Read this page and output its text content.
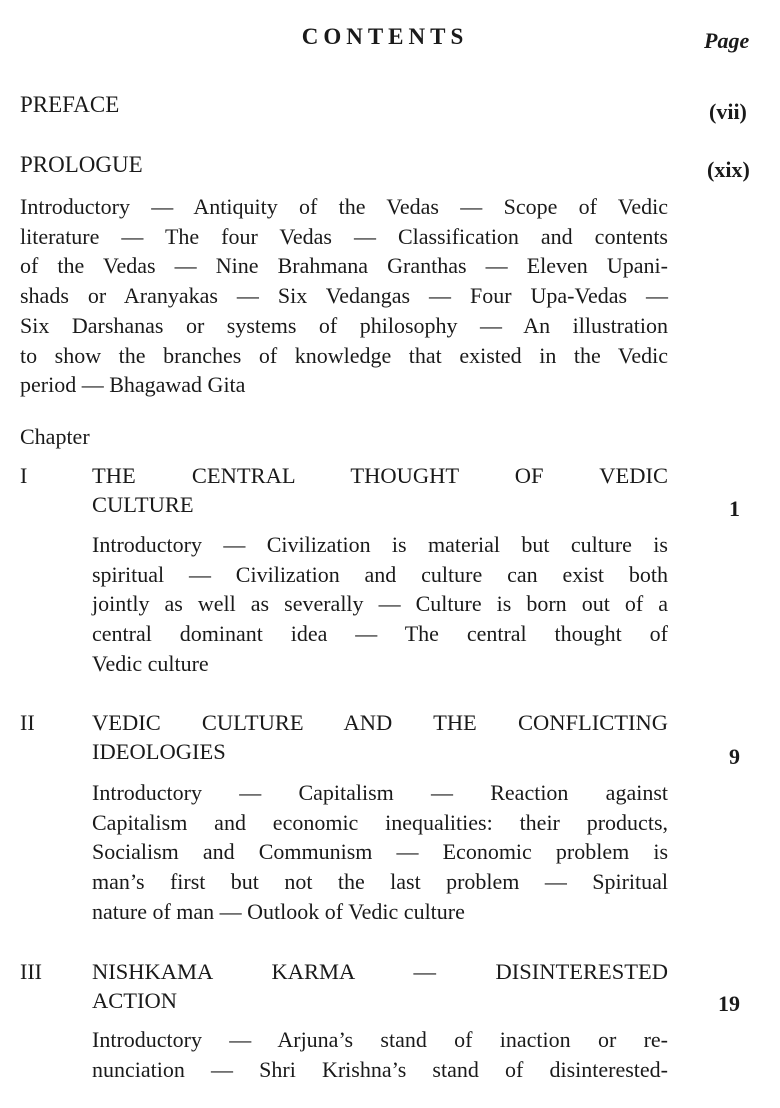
CONTENTS	Page
PREFACE	(vii)
PROLOGUE	(xix)
Introductory — Antiquity of the Vedas — Scope of Vedic
literature — The four Vedas — Classification and contents
of the Vedas — Nine Brahmana Granthas — Eleven Upani-
shads or Aranyakas — Six Vedangas — Four Upa-Vedas —
Six Darshanas or systems of philosophy — An illustration
to show the branches of knowledge that existed in the Vedic
period — Bhagawad Gita
Chapter
I	THE CENTRAL THOUGHT OF VEDIC
CULTURE	1
Introductory — Civilization is material but culture is
spiritual — Civilization and culture can exist both
jointly as well as severally — Culture is born out of a
central dominant idea — The central thought of
Vedic culture
II	VEDIC CULTURE AND THE CONFLICTING
IDEOLOGIES	9
Introductory — Capitalism — Reaction against
Capitalism and economic inequalities: their products,
Socialism and Communism — Economic problem is
man’s first but not the last problem — Spiritual
nature of man — Outlook of Vedic culture
III NISHKAMA KARMA — DISINTERESTED
ACTION	19
Introductory — Arjuna’s stand of inaction or re-
nunciation — Shri Krishna’s stand of disinterested-
